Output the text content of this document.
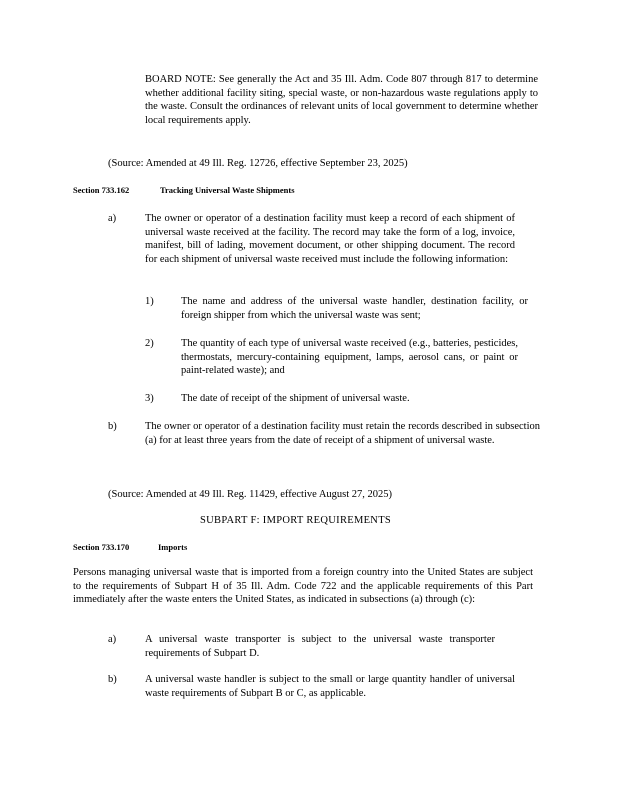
BOARD NOTE: See generally the Act and 35 Ill. Adm. Code 807 through 817 to determine whether additional facility siting, special waste, or non-hazardous waste regulations apply to the waste. Consult the ordinances of relevant units of local government to determine whether local requirements apply.
(Source: Amended at 49 Ill. Reg. 12726, effective September 23, 2025)
Section 733.162	Tracking Universal Waste Shipments
a)	The owner or operator of a destination facility must keep a record of each shipment of universal waste received at the facility. The record may take the form of a log, invoice, manifest, bill of lading, movement document, or other shipping document. The record for each shipment of universal waste received must include the following information:
1)	The name and address of the universal waste handler, destination facility, or foreign shipper from which the universal waste was sent;
2)	The quantity of each type of universal waste received (e.g., batteries, pesticides, thermostats, mercury-containing equipment, lamps, aerosol cans, or paint or paint-related waste); and
3)	The date of receipt of the shipment of universal waste.
b)	The owner or operator of a destination facility must retain the records described in subsection (a) for at least three years from the date of receipt of a shipment of universal waste.
(Source: Amended at 49 Ill. Reg. 11429, effective August 27, 2025)
SUBPART F: IMPORT REQUIREMENTS
Section 733.170	Imports
Persons managing universal waste that is imported from a foreign country into the United States are subject to the requirements of Subpart H of 35 Ill. Adm. Code 722 and the applicable requirements of this Part immediately after the waste enters the United States, as indicated in subsections (a) through (c):
a)	A universal waste transporter is subject to the universal waste transporter requirements of Subpart D.
b)	A universal waste handler is subject to the small or large quantity handler of universal waste requirements of Subpart B or C, as applicable.
